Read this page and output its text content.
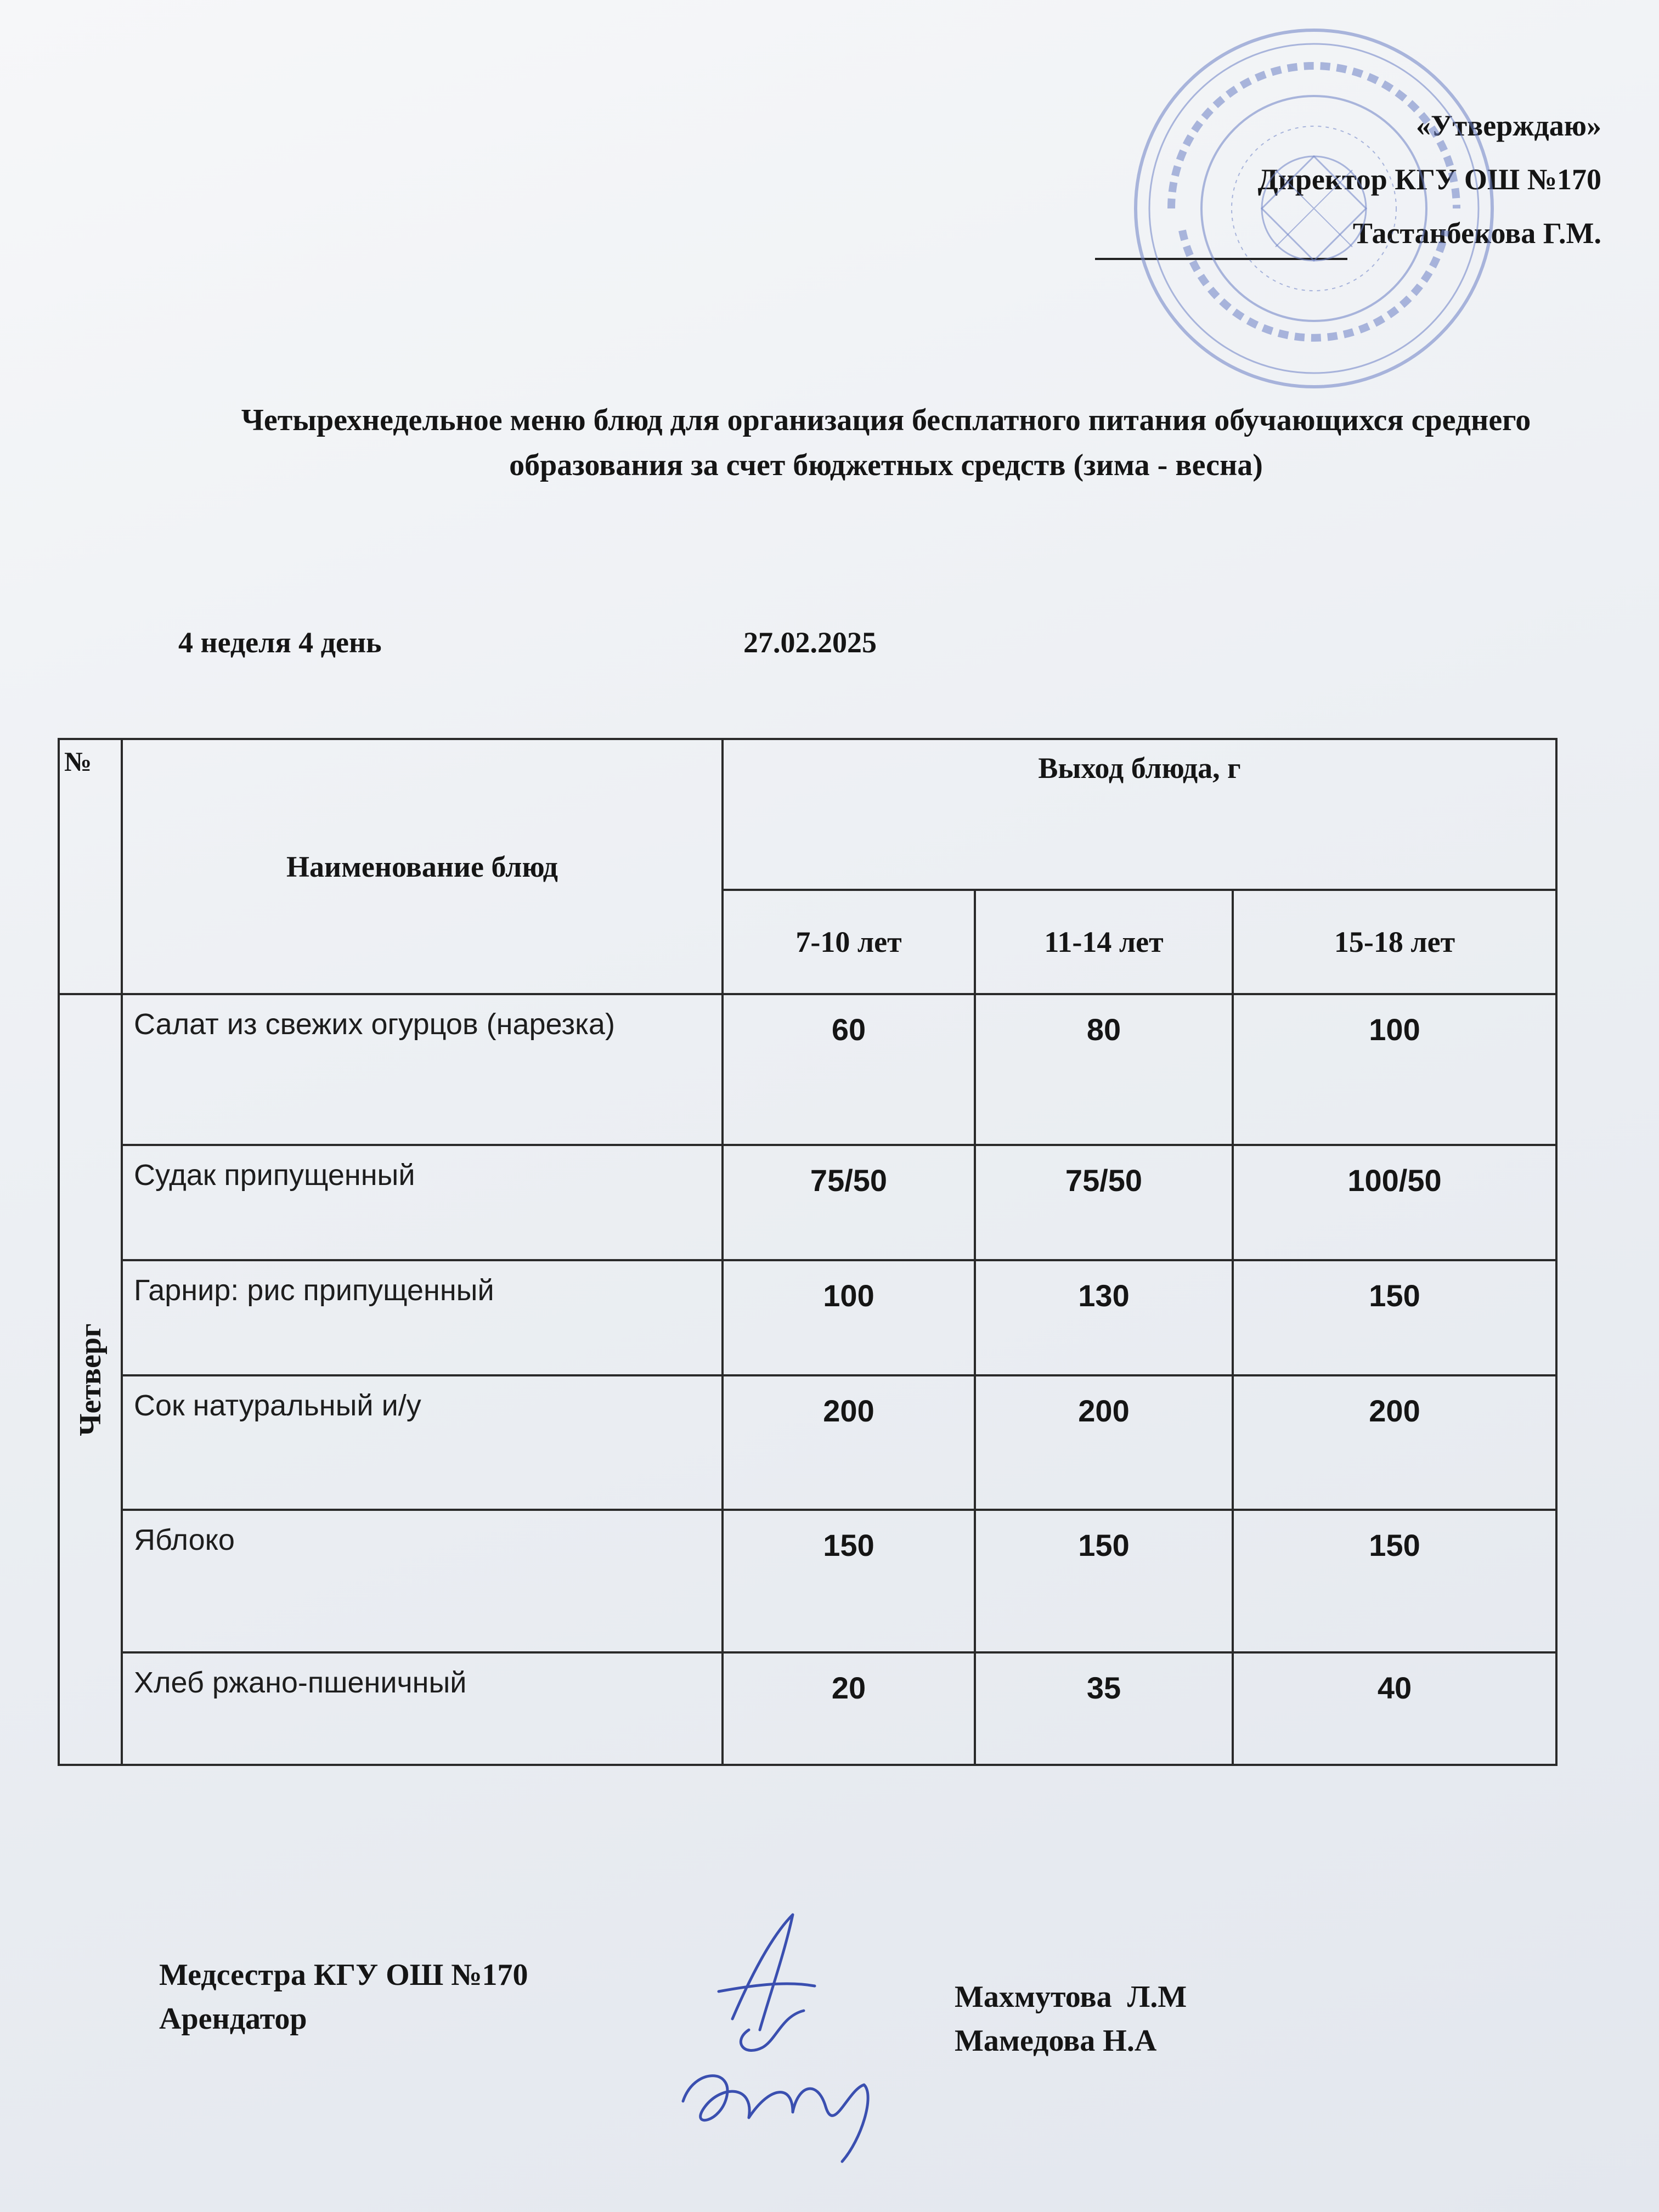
«Утверждаю»
Директор КГУ ОШ №170
Тастанбекова Г.М.
Четырехнедельное меню блюд для организация бесплатного питания обучающихся среднего образования за счет бюджетных средств (зима - весна)
4 неделя 4 день	27.02.2025
№	Наименование блюд	Выход блюда, г		
		7-10 лет	11-14 лет	15-18 лет

Четверг	Салат из свежих огурцов (нарезка)	60	80	100
	Судак припущенный	75/50	75/50	100/50
	Гарнир: рис припущенный	100	130	150
	Сок натуральный и/у	200	200	200
	Яблоко	150	150	150
	Хлеб ржано-пшеничный	20	35	40
Медсестра КГУ ОШ №170
Арендатор
Махмутова  Л.М
Мамедова Н.А
